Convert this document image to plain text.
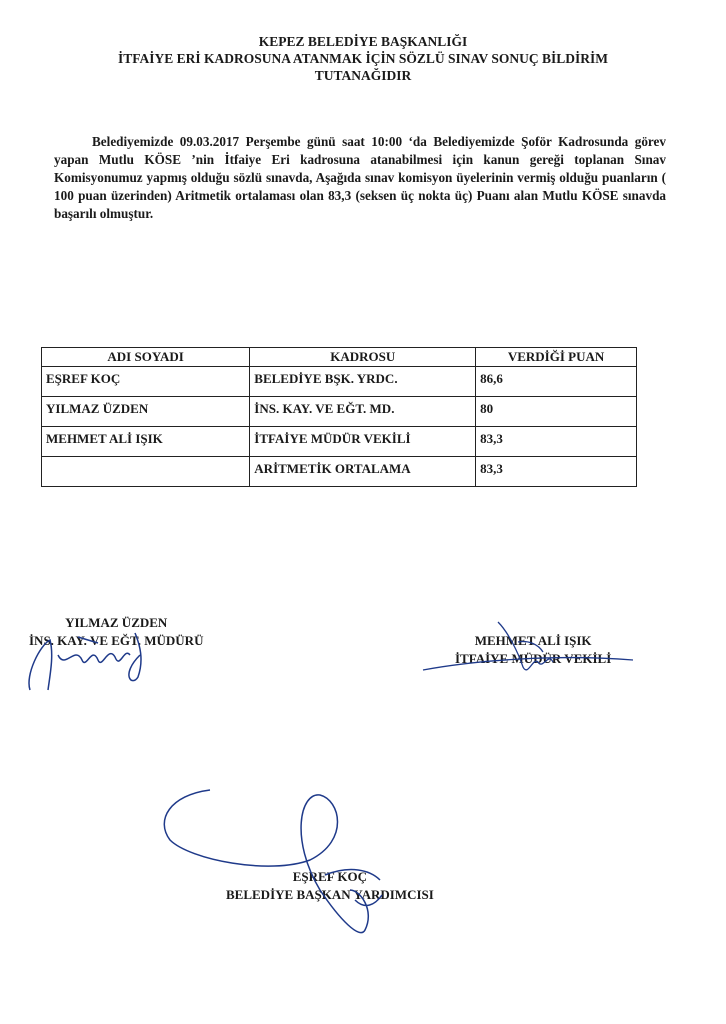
KEPEZ BELEDİYE BAŞKANLIĞI
İTFAİYE ERİ KADROSUNA ATANMAK İÇİN SÖZLÜ SINAV SONUÇ BİLDİRİM
TUTANAĞIDIR
Belediyemizde 09.03.2017 Perşembe günü saat 10:00 ‘da Belediyemizde Şoför Kadrosunda görev yapan Mutlu KÖSE ’nin İtfaiye Eri kadrosuna atanabilmesi için kanun gereği toplanan Sınav Komisyonumuz yapmış olduğu sözlü sınavda, Aşağıda sınav komisyon üyelerinin vermiş olduğu puanların ( 100 puan üzerinden) Aritmetik ortalaması olan 83,3 (seksen üç nokta üç) Puanı alan Mutlu KÖSE sınavda başarılı olmuştur.
ADI SOYADI	KADROSU	VERDİĞİ PUAN
EŞREF KOÇ	BELEDİYE BŞK. YRDC.	86,6
YILMAZ ÜZDEN	İNS. KAY. VE EĞT. MD.	80
MEHMET ALİ IŞIK	İTFAİYE MÜDÜR VEKİLİ	83,3
	ARİTMETİK ORTALAMA	83,3
YILMAZ ÜZDEN
İNS. KAY. VE EĞT. MÜDÜRÜ	MEHMET ALİ IŞIK
İTFAİYE MÜDÜR VEKİLİ
EŞREF KOÇ
BELEDİYE BAŞKAN YARDIMCISI
